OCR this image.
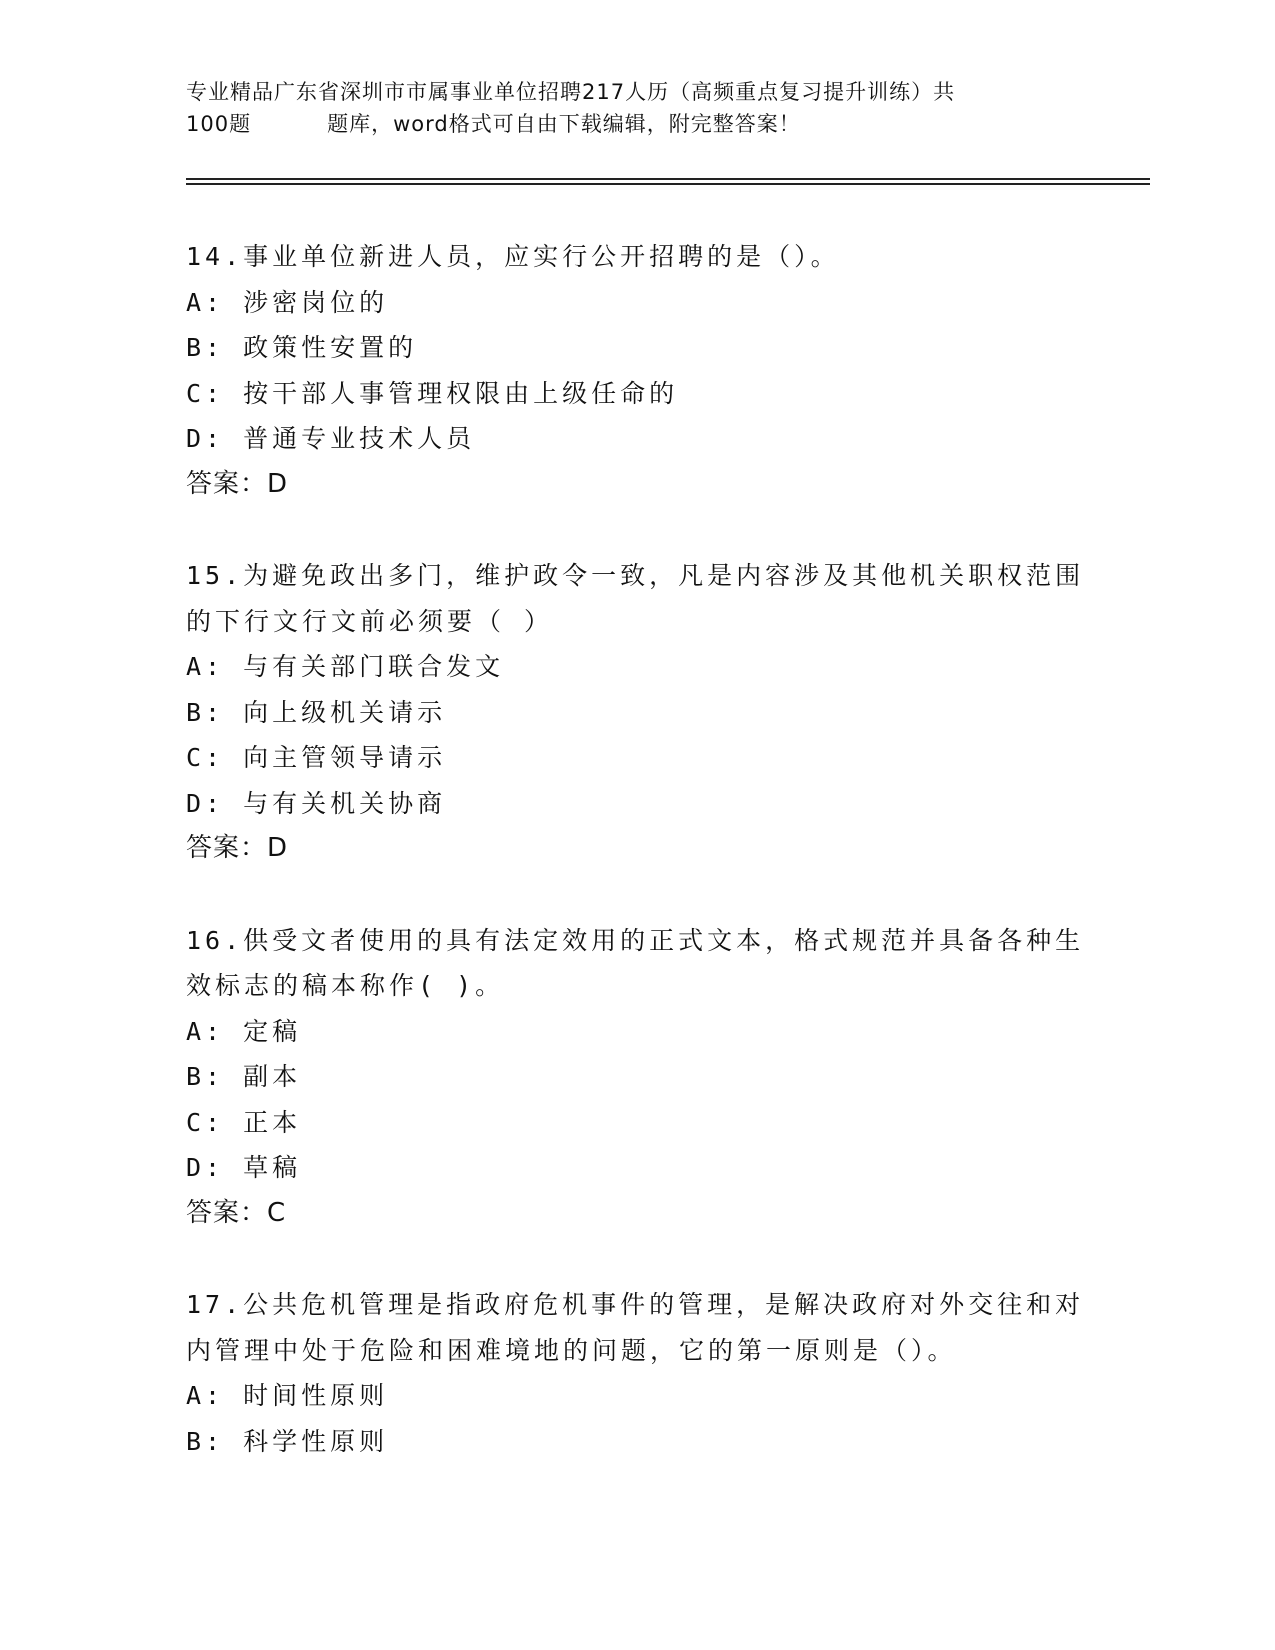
专业精品广东省深圳市市属事业单位招聘217人历（高频重点复习提升训练）共
100题	题库，word格式可自由下载编辑，附完整答案！
14.事业单位新进人员，应实行公开招聘的是（）。
A: 涉密岗位的
B: 政策性安置的
C: 按干部人事管理权限由上级任命的
D: 普通专业技术人员
答案：D
15.为避免政出多门，维护政令一致，凡是内容涉及其他机关职权范围
的下行文行文前必须要（ ）
A: 与有关部门联合发文
B: 向上级机关请示
C: 向主管领导请示
D: 与有关机关协商
答案：D
16.供受文者使用的具有法定效用的正式文本，格式规范并具备各种生
效标志的稿本称作( )。
A: 定稿
B: 副本
C: 正本
D: 草稿
答案：C
17.公共危机管理是指政府危机事件的管理，是解决政府对外交往和对
内管理中处于危险和困难境地的问题，它的第一原则是（）。
A: 时间性原则
B: 科学性原则
